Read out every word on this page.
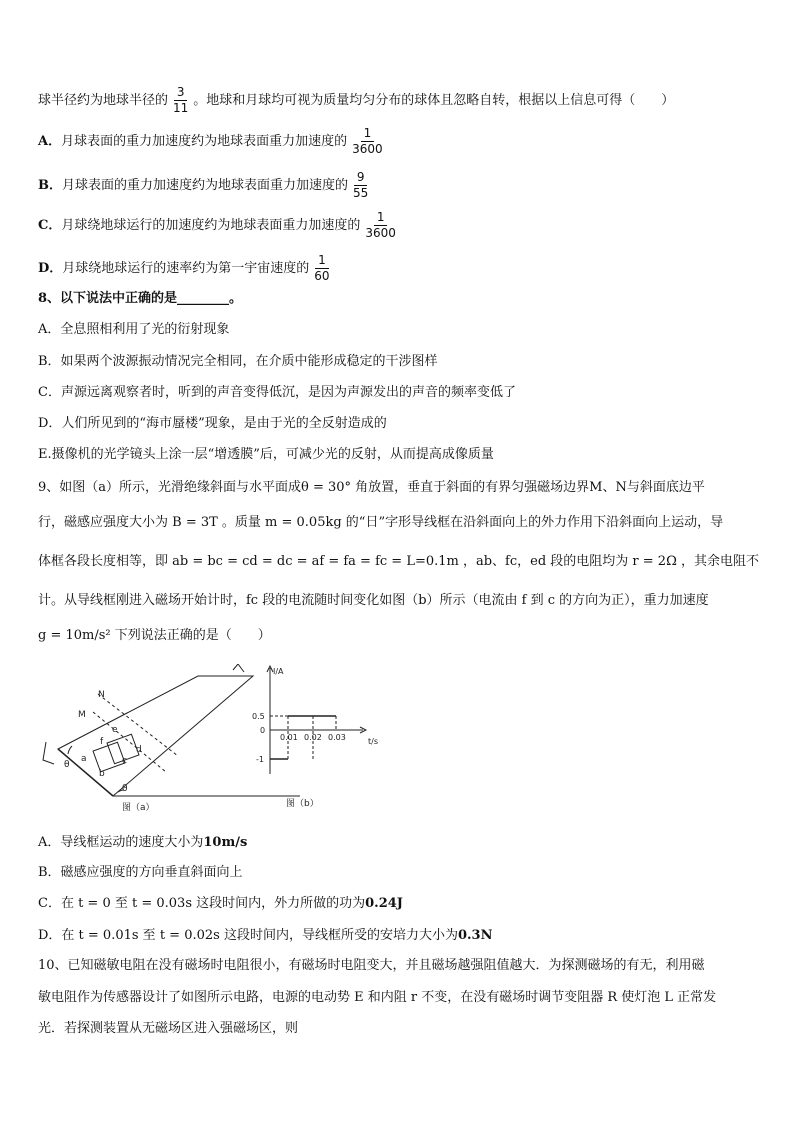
球半径约为地球半径的 $\frac{3}{11}$ 。地球和月球均可视为质量均匀分布的球体且忽略自转，根据以上信息可得（　　）
A．月球表面的重力加速度约为地球表面重力加速度的 $\frac{1}{3600}$
B．月球表面的重力加速度约为地球表面重力加速度的 $\frac{9}{55}$
C．月球绕地球运行的加速度约为地球表面重力加速度的 $\frac{1}{3600}$
D．月球绕地球运行的速率约为第一宇宙速度的 $\frac{1}{60}$
8、以下说法中正确的是________。
A．全息照相利用了光的衍射现象
B．如果两个波源振动情况完全相同，在介质中能形成稳定的干涉图样
C．声源远离观察者时，听到的声音变得低沉，是因为声源发出的声音的频率变低了
D．人们所见到的“海市蜃楼”现象，是由于光的全反射造成的
E.摄像机的光学镜头上涂一层“增透膜”后，可减少光的反射，从而提高成像质量
9、如图（a）所示，光滑绝缘斜面与水平面成θ = 30° 角放置，垂直于斜面的有界匀强磁场边界M、N与斜面底边平
行，磁感应强度大小为 B = 3T 。质量 m = 0.05kg 的“日”字形导线框在沿斜面向上的外力作用下沿斜面向上运动，导
体框各段长度相等，即 ab = bc = cd = dc = af = fa = fc = L=0.1m ，ab、fc，ed 段的电阻均为 r = 2Ω ，其余电阻不
计。从导线框刚进入磁场开始计时，fc 段的电流随时间变化如图（b）所示（电流由 f 到 c 的方向为正），重力加速度
g = 10m/s² 下列说法正确的是（　　）
N
M
θ
θ
a
b
c
d
e
f
图（a）
I/A
t/s
0.5
0
-1
0.01 0.02 0.03
图（b）
A．导线框运动的速度大小为10m/s
B．磁感应强度的方向垂直斜面向上
C．在 t = 0 至 t = 0.03s 这段时间内，外力所做的功为0.24J
D．在 t = 0.01s 至 t = 0.02s 这段时间内，导线框所受的安培力大小为0.3N
10、已知磁敏电阻在没有磁场时电阻很小，有磁场时电阻变大，并且磁场越强阻值越大．为探测磁场的有无，利用磁
敏电阻作为传感器设计了如图所示电路，电源的电动势 E 和内阻 r 不变，在没有磁场时调节变阻器 R 使灯泡 L 正常发
光．若探测装置从无磁场区进入强磁场区，则
